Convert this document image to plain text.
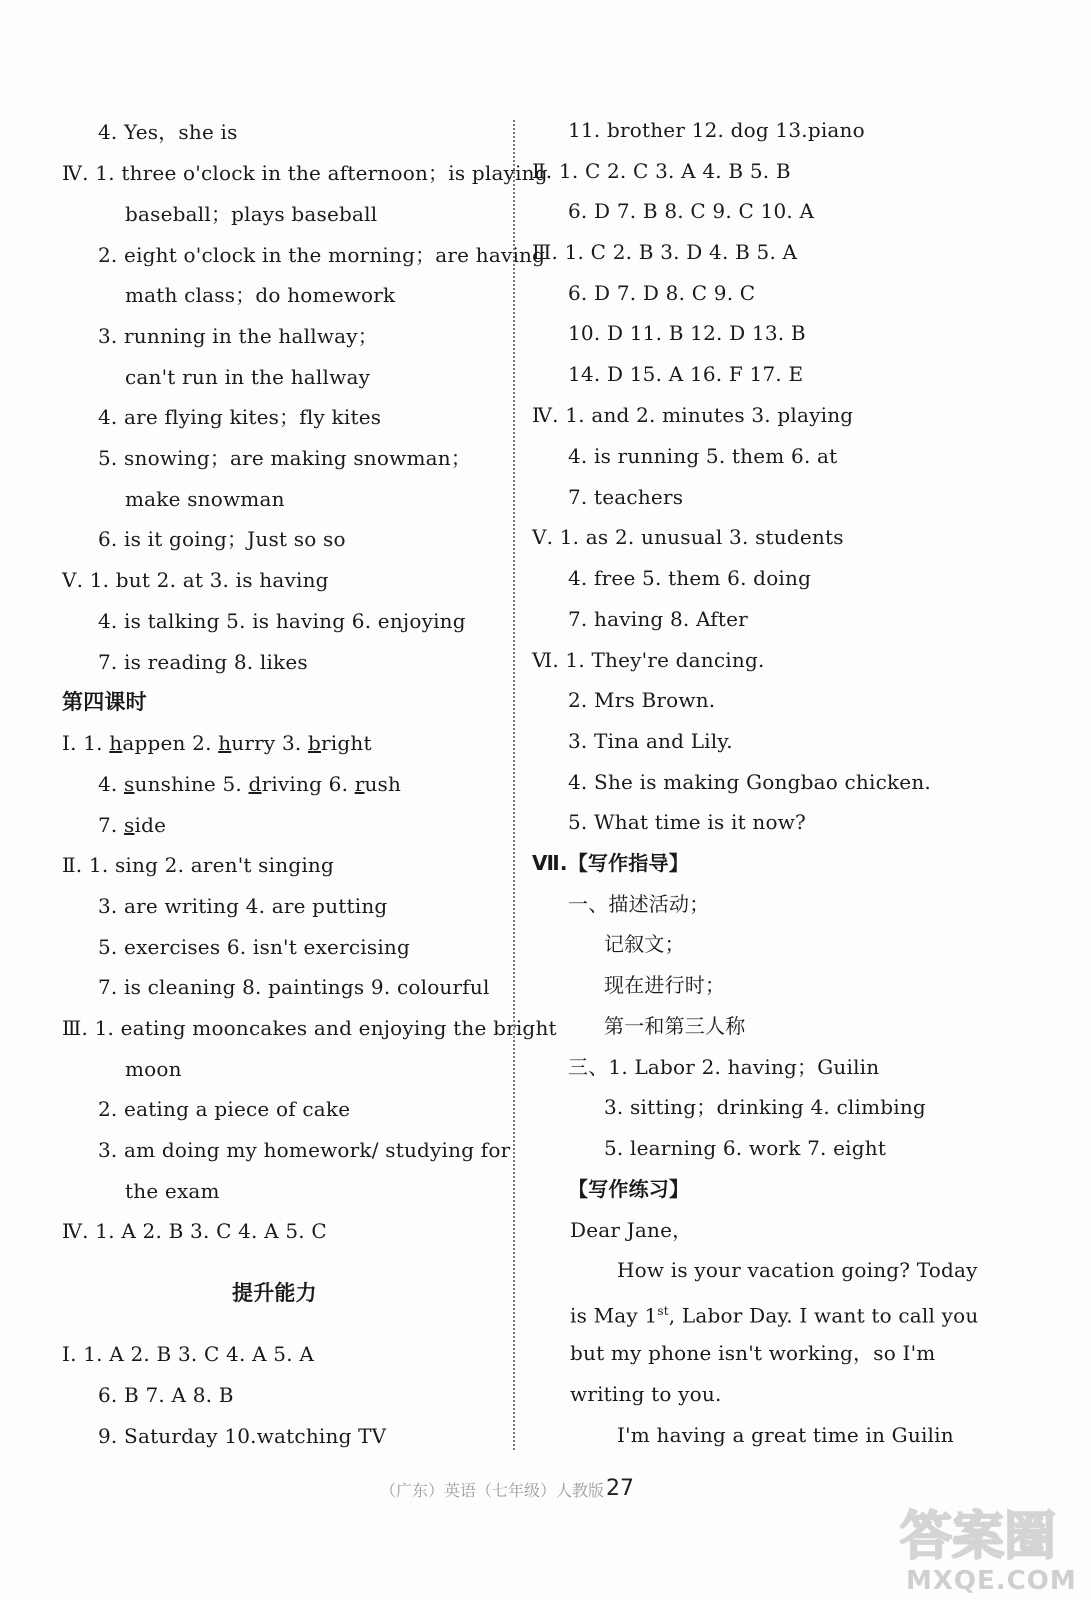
4. Yes，she is
Ⅳ. 1. three o'clock in the afternoon；is playing
baseball；plays baseball
2. eight o'clock in the morning；are having
math class；do homework
3. running in the hallway；
can't run in the hallway
4. are flying kites；fly kites
5. snowing；are making snowman；
make snowman
6. is it going；Just so so
Ⅴ. 1. but 2. at 3. is having
4. is talking 5. is having 6. enjoying
7. is reading 8. likes
第四课时
Ⅰ. 1. happen 2. hurry 3. bright
4. sunshine 5. driving 6. rush
7. side
Ⅱ. 1. sing 2. aren't singing
3. are writing 4. are putting
5. exercises 6. isn't exercising
7. is cleaning 8. paintings 9. colourful
Ⅲ. 1. eating mooncakes and enjoying the bright
moon
2. eating a piece of cake
3. am doing my homework/ studying for
the exam
Ⅳ. 1. A 2. B 3. C 4. A 5. C
提升能力
Ⅰ. 1. A 2. B 3. C 4. A 5. A
6. B 7. A 8. B
9. Saturday 10.watching TV
11. brother 12. dog 13.piano
Ⅱ. 1. C 2. C 3. A 4. B 5. B
6. D 7. B 8. C 9. C 10. A
Ⅲ. 1. C 2. B 3. D 4. B 5. A
6. D 7. D 8. C 9. C
10. D 11. B 12. D 13. B
14. D 15. A 16. F 17. E
Ⅳ. 1. and 2. minutes 3. playing
4. is running 5. them 6. at
7. teachers
Ⅴ. 1. as 2. unusual 3. students
4. free 5. them 6. doing
7. having 8. After
Ⅵ. 1. They're dancing.
2. Mrs Brown.
3. Tina and Lily.
4. She is making Gongbao chicken.
5. What time is it now?
Ⅶ.【写作指导】
一、描述活动；
记叙文；
现在进行时；
第一和第三人称
三、1. Labor 2. having；Guilin
3. sitting；drinking 4. climbing
5. learning 6. work 7. eight
【写作练习】
Dear Jane，
How is your vacation going? Today
is May 1st, Labor Day. I want to call you
but my phone isn't working，so I'm
writing to you.
I'm having a great time in Guilin
（广东）英语（七年级）人教版 27
答案圈
MXQE.COM
